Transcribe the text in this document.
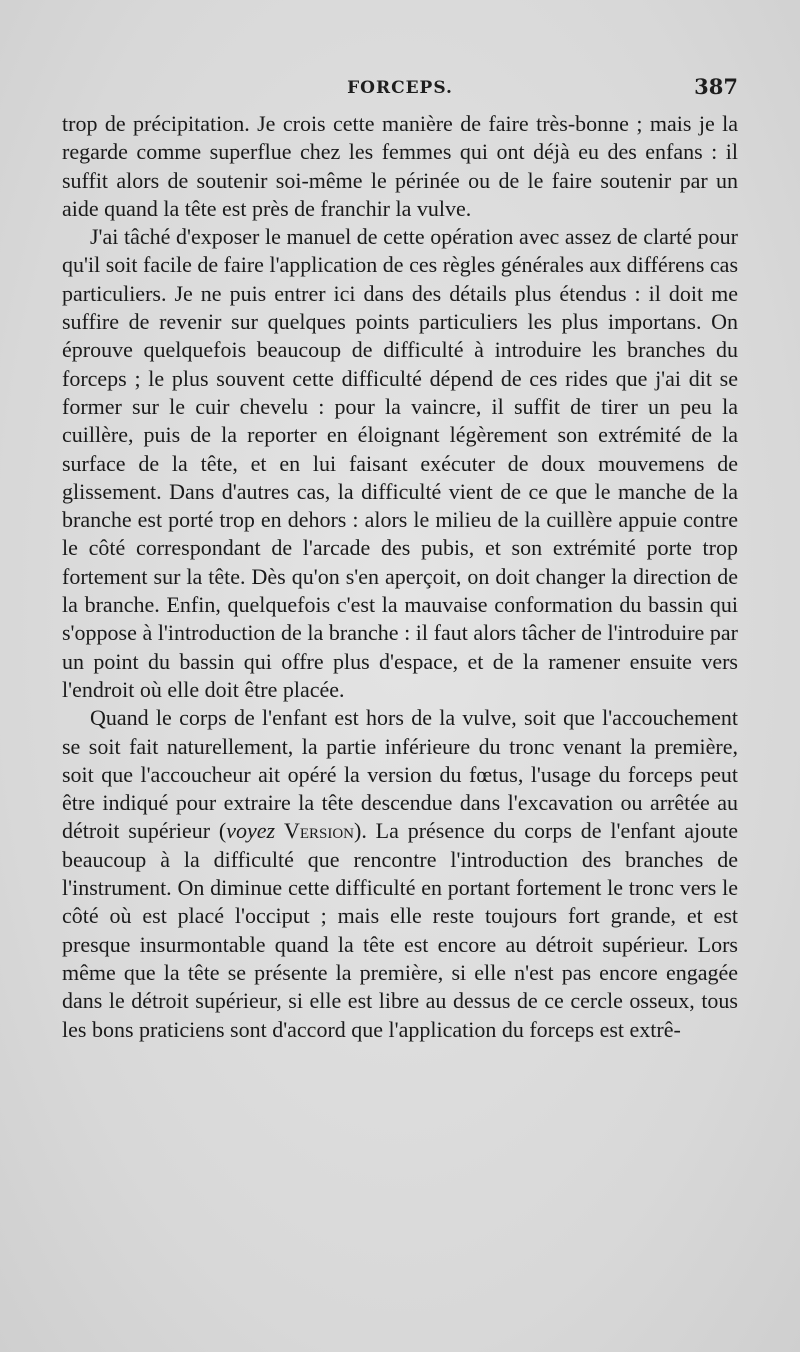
FORCEPS.	387

trop de précipitation. Je crois cette manière de faire très-bonne ; mais je la regarde comme superflue chez les femmes qui ont déjà eu des enfans : il suffit alors de soutenir soi-même le périnée ou de le faire soutenir par un aide quand la tête est près de franchir la vulve.

J'ai tâché d'exposer le manuel de cette opération avec assez de clarté pour qu'il soit facile de faire l'application de ces règles générales aux différens cas particuliers. Je ne puis entrer ici dans des détails plus étendus : il doit me suffire de revenir sur quelques points particuliers les plus importans. On éprouve quelquefois beaucoup de difficulté à introduire les branches du forceps ; le plus souvent cette difficulté dépend de ces rides que j'ai dit se former sur le cuir chevelu : pour la vaincre, il suffit de tirer un peu la cuillère, puis de la reporter en éloignant légèrement son extrémité de la surface de la tête, et en lui faisant exécuter de doux mouvemens de glissement. Dans d'autres cas, la difficulté vient de ce que le manche de la branche est porté trop en dehors : alors le milieu de la cuillère appuie contre le côté correspondant de l'arcade des pubis, et son extrémité porte trop fortement sur la tête. Dès qu'on s'en aperçoit, on doit changer la direction de la branche. Enfin, quelquefois c'est la mauvaise conformation du bassin qui s'oppose à l'introduction de la branche : il faut alors tâcher de l'introduire par un point du bassin qui offre plus d'espace, et de la ramener ensuite vers l'endroit où elle doit être placée.

Quand le corps de l'enfant est hors de la vulve, soit que l'accouchement se soit fait naturellement, la partie inférieure du tronc venant la première, soit que l'accoucheur ait opéré la version du fœtus, l'usage du forceps peut être indiqué pour extraire la tête descendue dans l'excavation ou arrêtée au détroit supérieur (voyez Version). La présence du corps de l'enfant ajoute beaucoup à la difficulté que rencontre l'introduction des branches de l'instrument. On diminue cette difficulté en portant fortement le tronc vers le côté où est placé l'occiput ; mais elle reste toujours fort grande, et est presque insurmontable quand la tête est encore au détroit supérieur. Lors même que la tête se présente la première, si elle n'est pas encore engagée dans le détroit supérieur, si elle est libre au dessus de ce cercle osseux, tous les bons praticiens sont d'accord que l'application du forceps est extrê-
